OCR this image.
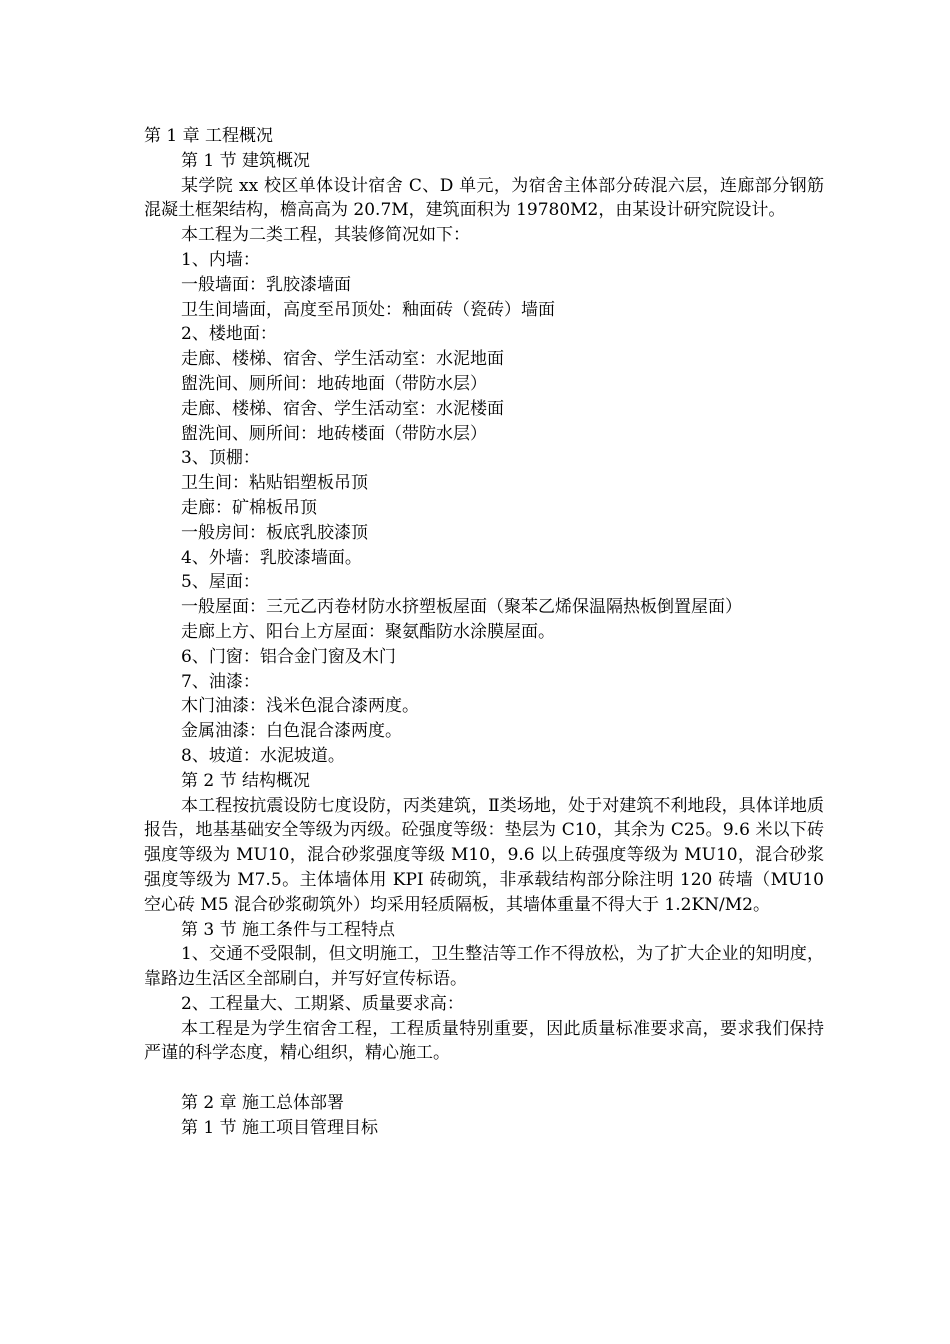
第 1 章 工程概况

第 1 节 建筑概况

某学院 xx 校区单体设计宿舍 C、D 单元，为宿舍主体部分砖混六层，连廊部分钢筋混凝土框架结构，檐高高为 20.7M，建筑面积为 19780M2，由某设计研究院设计。

本工程为二类工程，其装修简况如下：

1、内墙：

一般墙面：乳胶漆墙面

卫生间墙面，高度至吊顶处：釉面砖（瓷砖）墙面

2、楼地面：

走廊、楼梯、宿舍、学生活动室：水泥地面

盥洗间、厕所间：地砖地面（带防水层）

走廊、楼梯、宿舍、学生活动室：水泥楼面

盥洗间、厕所间：地砖楼面（带防水层）

3、顶棚：

卫生间：粘贴铝塑板吊顶

走廊：矿棉板吊顶

一般房间：板底乳胶漆顶

4、外墙：乳胶漆墙面。

5、屋面：

一般屋面：三元乙丙卷材防水挤塑板屋面（聚苯乙烯保温隔热板倒置屋面）

走廊上方、阳台上方屋面：聚氨酯防水涂膜屋面。

6、门窗：铝合金门窗及木门

7、油漆：

木门油漆：浅米色混合漆两度。

金属油漆：白色混合漆两度。

8、坡道：水泥坡道。

第 2 节 结构概况

本工程按抗震设防七度设防，丙类建筑，Ⅱ类场地，处于对建筑不利地段，具体详地质报告，地基基础安全等级为丙级。砼强度等级：垫层为 C10，其余为 C25。9.6 米以下砖强度等级为 MU10，混合砂浆强度等级 M10，9.6 以上砖强度等级为 MU10，混合砂浆强度等级为 M7.5。主体墙体用 KPI 砖砌筑，非承载结构部分除注明 120 砖墙（MU10 空心砖 M5 混合砂浆砌筑外）均采用轻质隔板，其墙体重量不得大于 1.2KN/M2。

第 3 节 施工条件与工程特点

1、交通不受限制，但文明施工，卫生整洁等工作不得放松，为了扩大企业的知明度，靠路边生活区全部刷白，并写好宣传标语。

2、工程量大、工期紧、质量要求高：

本工程是为学生宿舍工程，工程质量特别重要，因此质量标准要求高，要求我们保持严谨的科学态度，精心组织，精心施工。

第 2 章 施工总体部署

第 1 节 施工项目管理目标
